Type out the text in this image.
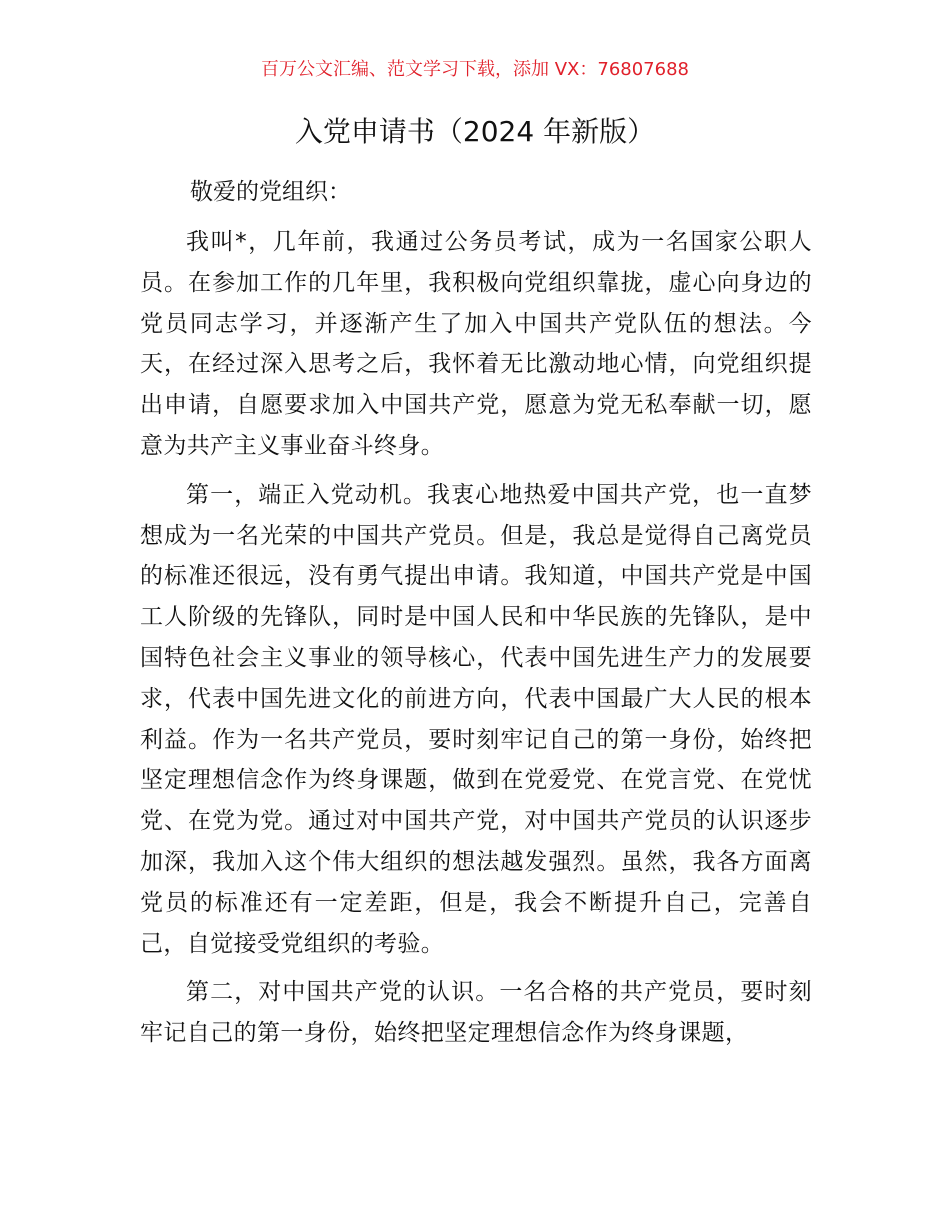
百万公文汇编、范文学习下载，添加 VX：76807688
入党申请书（2024 年新版）
敬爱的党组织：

我叫*，几年前，我通过公务员考试，成为一名国家公职人员。在参加工作的几年里，我积极向党组织靠拢，虚心向身边的党员同志学习，并逐渐产生了加入中国共产党队伍的想法。今天，在经过深入思考之后，我怀着无比激动地心情，向党组织提出申请，自愿要求加入中国共产党，愿意为党无私奉献一切，愿意为共产主义事业奋斗终身。

第一，端正入党动机。我衷心地热爱中国共产党，也一直梦想成为一名光荣的中国共产党员。但是，我总是觉得自己离党员的标准还很远，没有勇气提出申请。我知道，中国共产党是中国工人阶级的先锋队，同时是中国人民和中华民族的先锋队，是中国特色社会主义事业的领导核心，代表中国先进生产力的发展要求，代表中国先进文化的前进方向，代表中国最广大人民的根本利益。作为一名共产党员，要时刻牢记自己的第一身份，始终把坚定理想信念作为终身课题，做到在党爱党、在党言党、在党忧党、在党为党。通过对中国共产党，对中国共产党员的认识逐步加深，我加入这个伟大组织的想法越发强烈。虽然，我各方面离党员的标准还有一定差距，但是，我会不断提升自己，完善自己，自觉接受党组织的考验。

第二，对中国共产党的认识。一名合格的共产党员，要时刻牢记自己的第一身份，始终把坚定理想信念作为终身课题，
